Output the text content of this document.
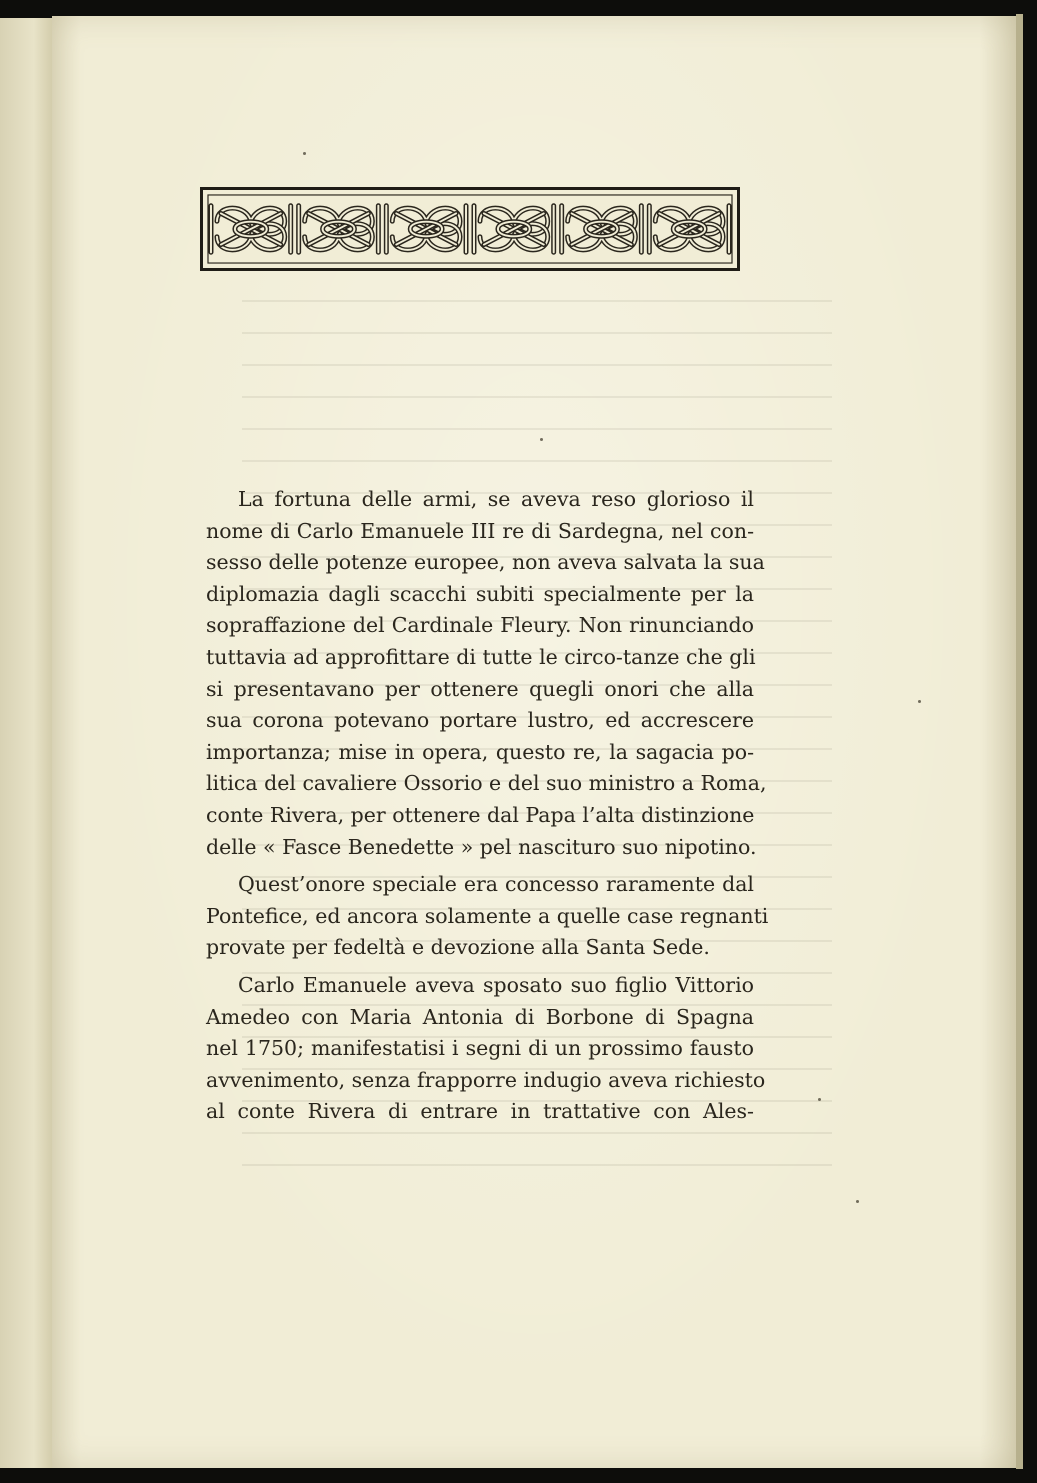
La fortuna delle armi, se aveva reso glorioso il
nome di Carlo Emanuele III re di Sardegna, nel con-
sesso delle potenze europee, non aveva salvata la sua
diplomazia dagli scacchi subiti specialmente per la
sopraffazione del Cardinale Fleury. Non rinunciando
tuttavia ad approfittare di tutte le circo-tanze che gli
si presentavano per ottenere quegli onori che alla
sua corona potevano portare lustro, ed accrescere
importanza; mise in opera, questo re, la sagacia po-
litica del cavaliere Ossorio e del suo ministro a Roma,
conte Rivera, per ottenere dal Papa l’alta distinzione
delle « Fasce Benedette » pel nascituro suo nipotino.
Quest’onore speciale era concesso raramente dal
Pontefice, ed ancora solamente a quelle case regnanti
provate per fedeltà e devozione alla Santa Sede.
Carlo Emanuele aveva sposato suo figlio Vittorio
Amedeo con Maria Antonia di Borbone di Spagna
nel 1750; manifestatisi i segni di un prossimo fausto
avvenimento, senza frapporre indugio aveva richiesto
al conte Rivera di entrare in trattative con Ales-
